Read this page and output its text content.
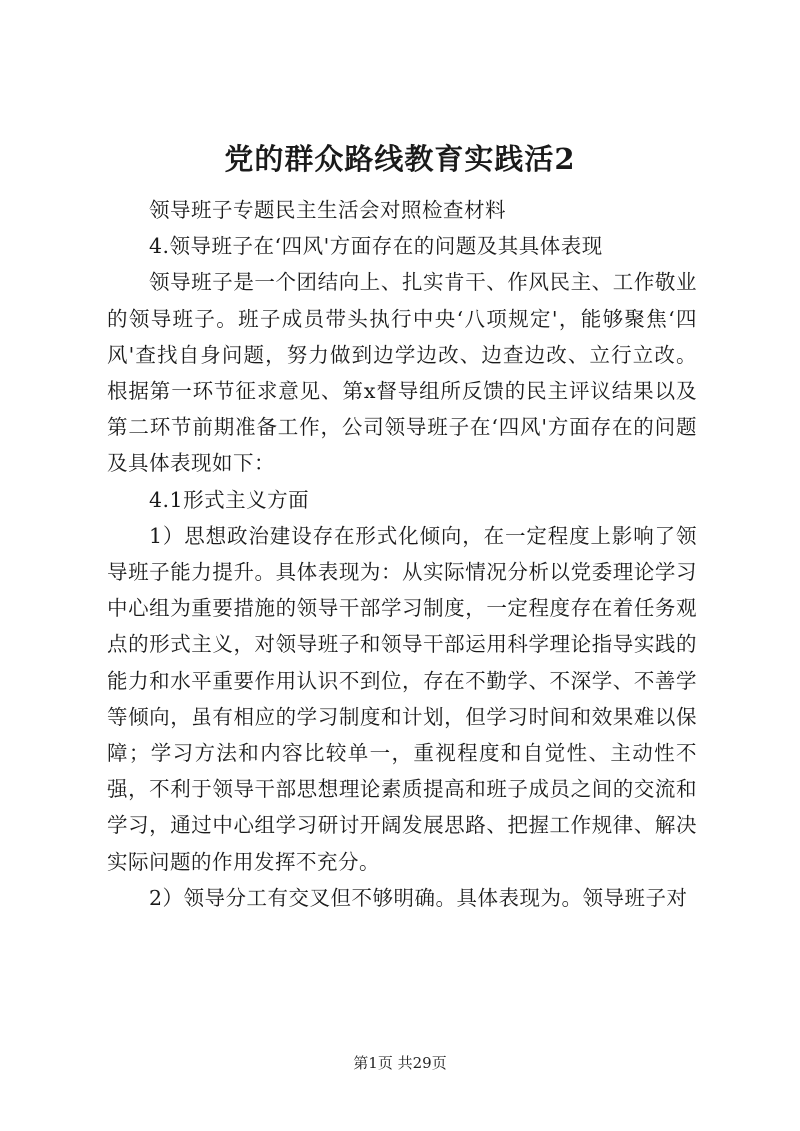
党的群众路线教育实践活2

领导班子专题民主生活会对照检查材料

4.领导班子在‘四风'方面存在的问题及其具体表现

领导班子是一个团结向上、扎实肯干、作风民主、工作敬业的领导班子。班子成员带头执行中央‘八项规定'，能够聚焦‘四风'查找自身问题，努力做到边学边改、边查边改、立行立改。根据第一环节征求意见、第x督导组所反馈的民主评议结果以及第二环节前期准备工作，公司领导班子在‘四风'方面存在的问题及具体表现如下：

4.1形式主义方面

1）思想政治建设存在形式化倾向，在一定程度上影响了领导班子能力提升。具体表现为：从实际情况分析以党委理论学习中心组为重要措施的领导干部学习制度，一定程度存在着任务观点的形式主义，对领导班子和领导干部运用科学理论指导实践的能力和水平重要作用认识不到位，存在不勤学、不深学、不善学等倾向，虽有相应的学习制度和计划，但学习时间和效果难以保障；学习方法和内容比较单一，重视程度和自觉性、主动性不强，不利于领导干部思想理论素质提高和班子成员之间的交流和学习，通过中心组学习研讨开阔发展思路、把握工作规律、解决实际问题的作用发挥不充分。

2）领导分工有交叉但不够明确。具体表现为。领导班子对

第1页 共29页
